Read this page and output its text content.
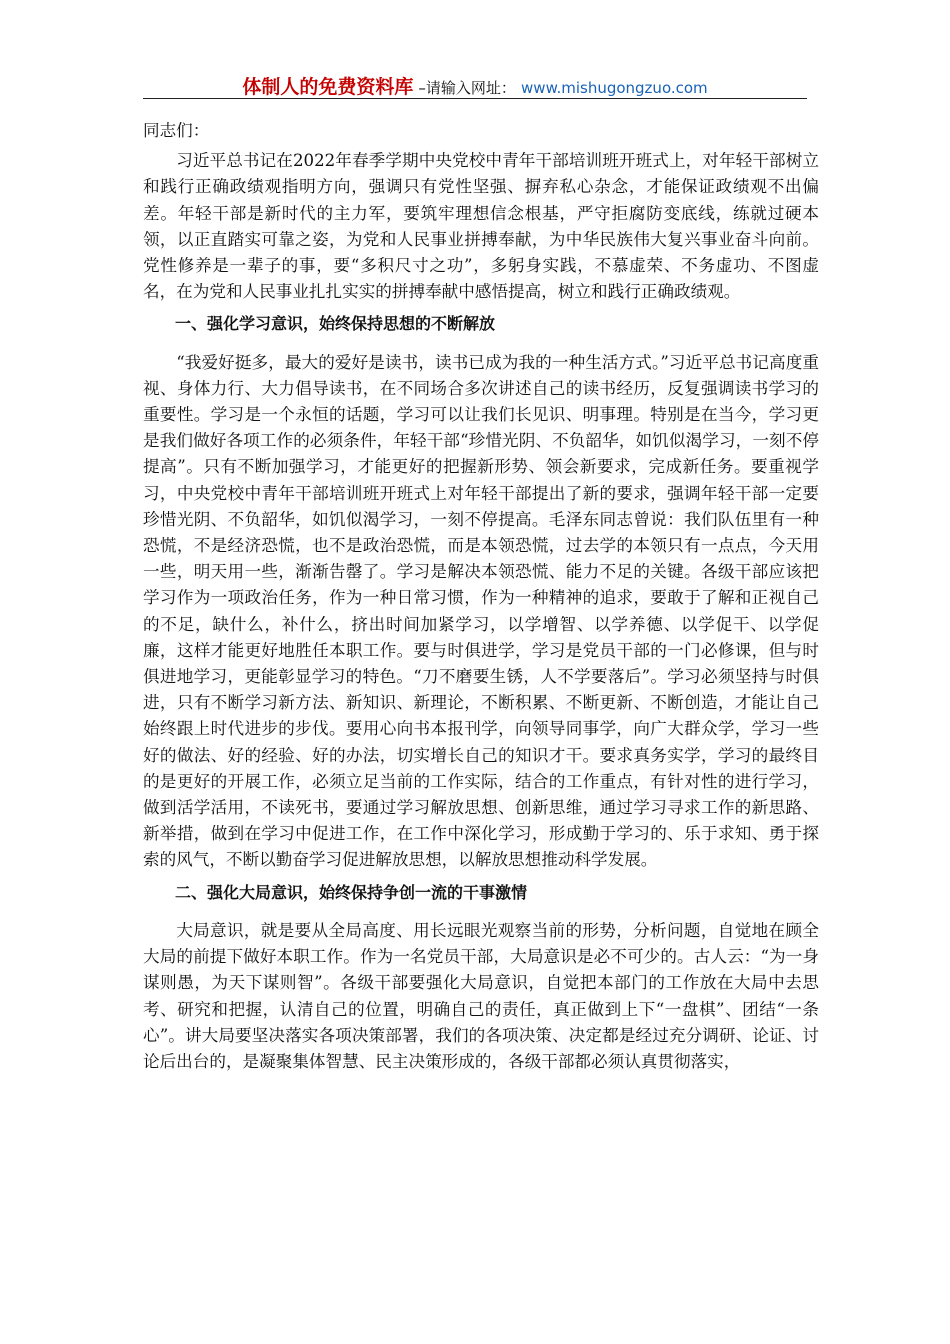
体制人的免费资料库 –请输入网址： www.mishugongzuo.com

同志们：

习近平总书记在2022年春季学期中央党校中青年干部培训班开班式上，对年轻干部树立和践行正确政绩观指明方向，强调只有党性坚强、摒弃私心杂念，才能保证政绩观不出偏差。年轻干部是新时代的主力军，要筑牢理想信念根基，严守拒腐防变底线，练就过硬本领，以正直踏实可靠之姿，为党和人民事业拼搏奉献，为中华民族伟大复兴事业奋斗向前。党性修养是一辈子的事，要“多积尺寸之功”，多躬身实践，不慕虚荣、不务虚功、不图虚名，在为党和人民事业扎扎实实的拼搏奉献中感悟提高，树立和践行正确政绩观。

一、强化学习意识，始终保持思想的不断解放

“我爱好挺多，最大的爱好是读书，读书已成为我的一种生活方式。”习近平总书记高度重视、身体力行、大力倡导读书，在不同场合多次讲述自己的读书经历，反复强调读书学习的重要性。学习是一个永恒的话题，学习可以让我们长见识、明事理。特别是在当今，学习更是我们做好各项工作的必须条件，年轻干部“珍惜光阴、不负韶华，如饥似渴学习，一刻不停提高”。只有不断加强学习，才能更好的把握新形势、领会新要求，完成新任务。要重视学习，中央党校中青年干部培训班开班式上对年轻干部提出了新的要求，强调年轻干部一定要珍惜光阴、不负韶华，如饥似渴学习，一刻不停提高。毛泽东同志曾说：我们队伍里有一种恐慌，不是经济恐慌，也不是政治恐慌，而是本领恐慌，过去学的本领只有一点点，今天用一些，明天用一些，渐渐告罄了。学习是解决本领恐慌、能力不足的关键。各级干部应该把学习作为一项政治任务，作为一种日常习惯，作为一种精神的追求，要敢于了解和正视自己的不足，缺什么，补什么，挤出时间加紧学习，以学增智、以学养德、以学促干、以学促廉，这样才能更好地胜任本职工作。要与时俱进学，学习是党员干部的一门必修课，但与时俱进地学习，更能彰显学习的特色。“刀不磨要生锈，人不学要落后”。学习必须坚持与时俱进，只有不断学习新方法、新知识、新理论，不断积累、不断更新、不断创造，才能让自己始终跟上时代进步的步伐。要用心向书本报刊学，向领导同事学，向广大群众学，学习一些好的做法、好的经验、好的办法，切实增长自己的知识才干。要求真务实学，学习的最终目的是更好的开展工作，必须立足当前的工作实际，结合的工作重点，有针对性的进行学习，做到活学活用，不读死书，要通过学习解放思想、创新思维，通过学习寻求工作的新思路、新举措，做到在学习中促进工作，在工作中深化学习，形成勤于学习的、乐于求知、勇于探索的风气，不断以勤奋学习促进解放思想，以解放思想推动科学发展。

二、强化大局意识，始终保持争创一流的干事激情

大局意识，就是要从全局高度、用长远眼光观察当前的形势，分析问题，自觉地在顾全大局的前提下做好本职工作。作为一名党员干部，大局意识是必不可少的。古人云：“为一身谋则愚，为天下谋则智”。各级干部要强化大局意识，自觉把本部门的工作放在大局中去思考、研究和把握，认清自己的位置，明确自己的责任，真正做到上下“一盘棋”、团结“一条心”。讲大局要坚决落实各项决策部署，我们的各项决策、决定都是经过充分调研、论证、讨论后出台的，是凝聚集体智慧、民主决策形成的，各级干部都必须认真贯彻落实，
